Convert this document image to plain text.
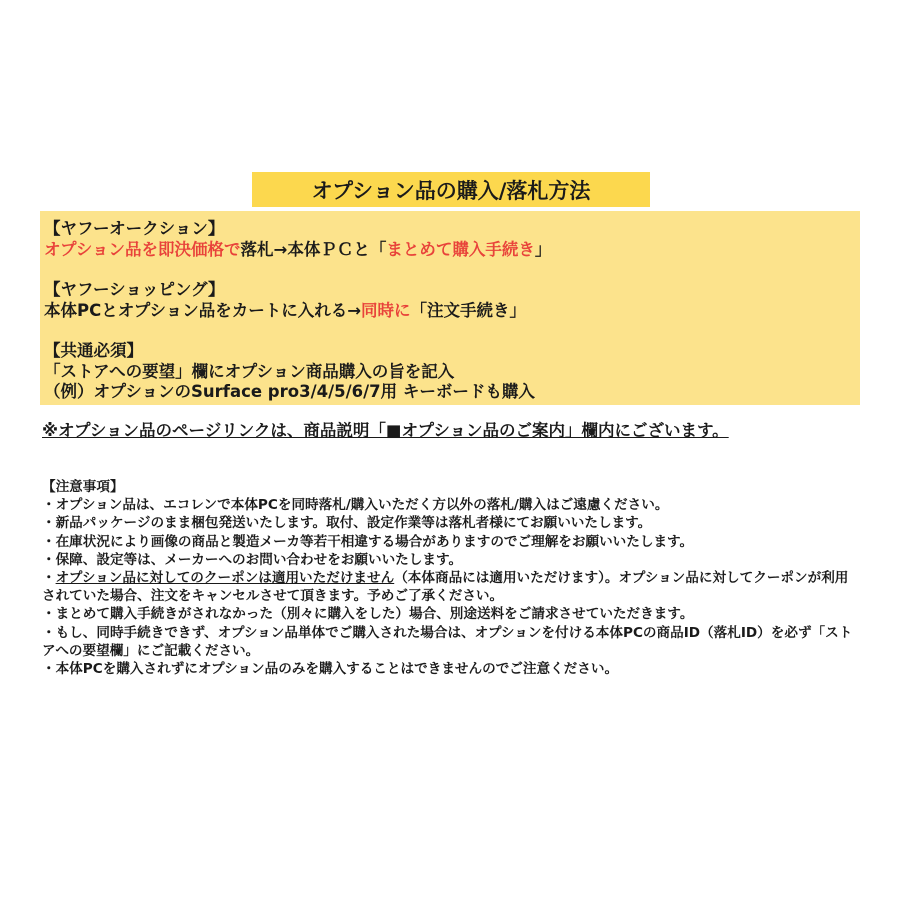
オプション品の購入/落札方法

【ヤフーオークション】

オプション品を即決価格で落札→本体ＰＣと「まとめて購入手続き」

【ヤフーショッピング】

本体PCとオプション品をカートに入れる→同時に「注文手続き」

【共通必須】

「ストアへの要望」欄にオプション商品購入の旨を記入

（例）オプションのSurface pro3/4/5/6/7用 キーボードも購入

※オプション品のページリンクは、商品説明「■オプション品のご案内」欄内にございます。

【注意事項】

・オプション品は、エコレンで本体PCを同時落札/購入いただく方以外の落札/購入はご遠慮ください。

・新品パッケージのまま梱包発送いたします。取付、設定作業等は落札者様にてお願いいたします。

・在庫状況により画像の商品と製造メーカ等若干相違する場合がありますのでご理解をお願いいたします。

・保障、設定等は、メーカーへのお問い合わせをお願いいたします。

・オプション品に対してのクーポンは適用いただけません（本体商品には適用いただけます）。オプション品に対してクーポンが利用されていた場合、注文をキャンセルさせて頂きます。予めご了承ください。

・まとめて購入手続きがされなかった（別々に購入をした）場合、別途送料をご請求させていただきます。

・もし、同時手続きできず、オプション品単体でご購入された場合は、オプションを付ける本体PCの商品ID（落札ID）を必ず「ストアへの要望欄」にご記載ください。

・本体PCを購入されずにオプション品のみを購入することはできませんのでご注意ください。
